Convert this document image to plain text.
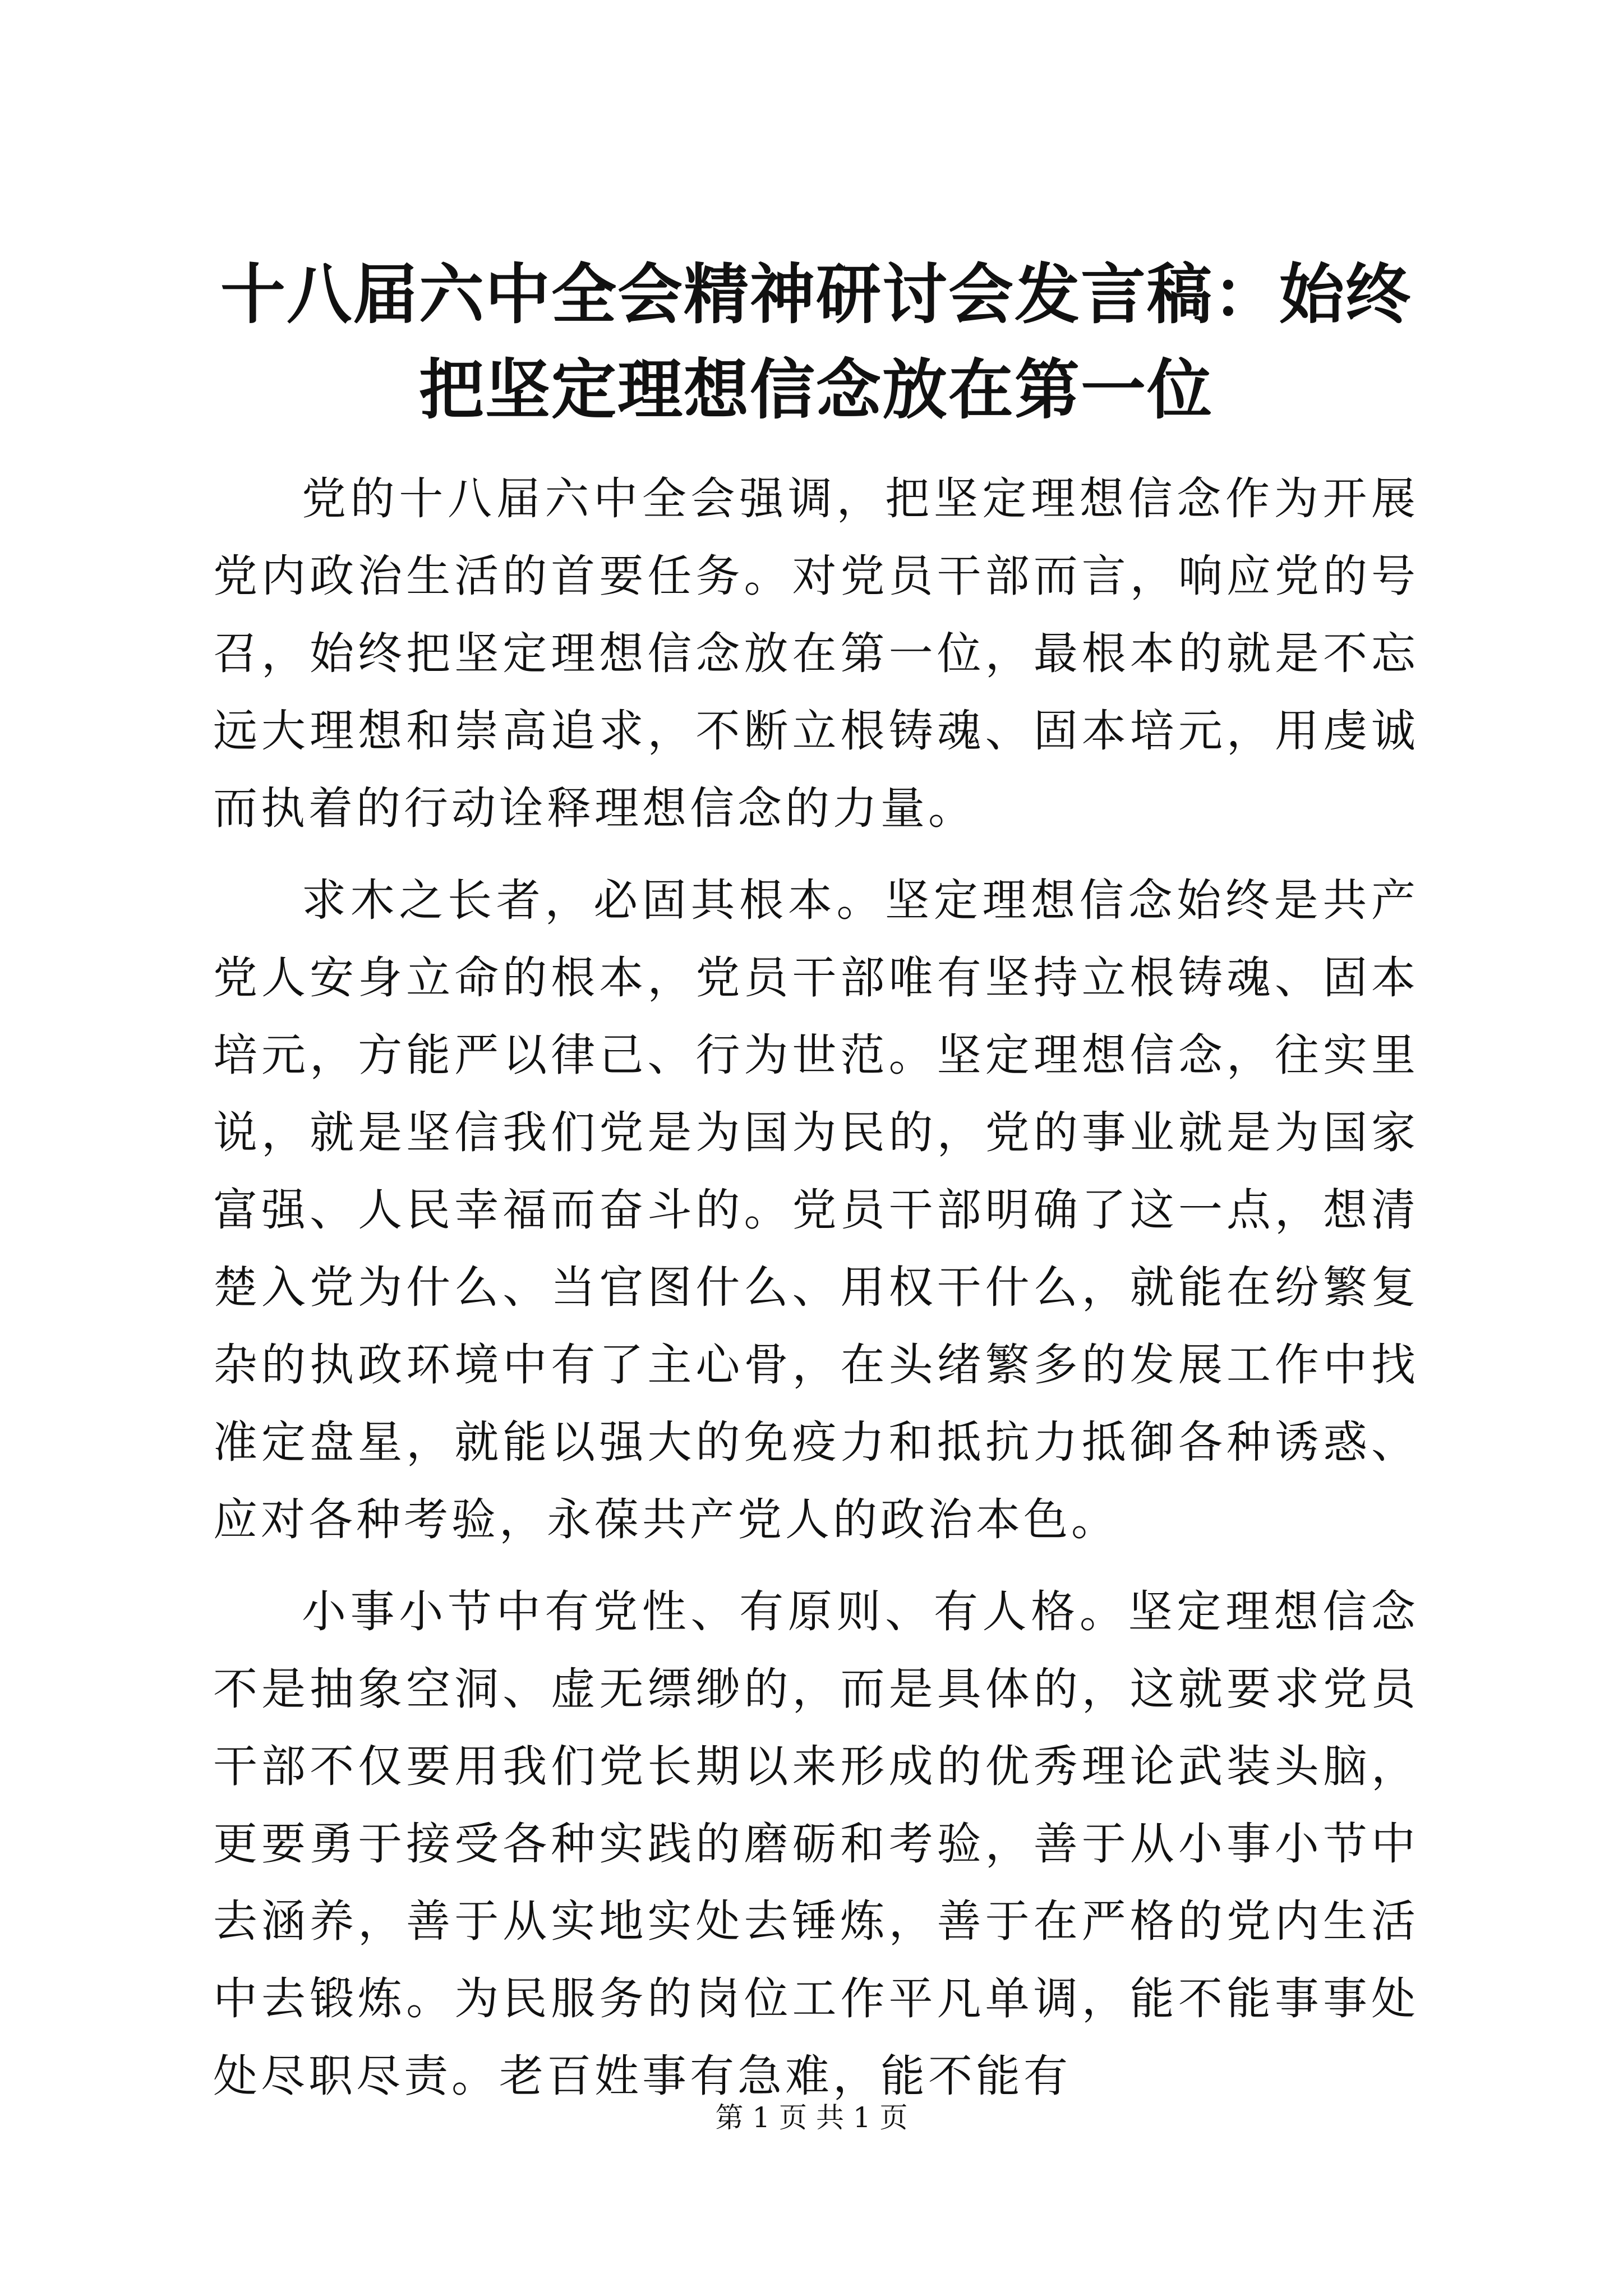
十八届六中全会精神研讨会发言稿：始终把坚定理想信念放在第一位

党的十八届六中全会强调，把坚定理想信念作为开展党内政治生活的首要任务。对党员干部而言，响应党的号召，始终把坚定理想信念放在第一位，最根本的就是不忘远大理想和崇高追求，不断立根铸魂、固本培元，用虔诚而执着的行动诠释理想信念的力量。

求木之长者，必固其根本。坚定理想信念始终是共产党人安身立命的根本，党员干部唯有坚持立根铸魂、固本培元，方能严以律己、行为世范。坚定理想信念，往实里说，就是坚信我们党是为国为民的，党的事业就是为国家富强、人民幸福而奋斗的。党员干部明确了这一点，想清楚入党为什么、当官图什么、用权干什么，就能在纷繁复杂的执政环境中有了主心骨，在头绪繁多的发展工作中找准定盘星，就能以强大的免疫力和抵抗力抵御各种诱惑、应对各种考验，永葆共产党人的政治本色。

小事小节中有党性、有原则、有人格。坚定理想信念不是抽象空洞、虚无缥缈的，而是具体的，这就要求党员干部不仅要用我们党长期以来形成的优秀理论武装头脑，更要勇于接受各种实践的磨砺和考验，善于从小事小节中去涵养，善于从实地实处去锤炼，善于在严格的党内生活中去锻炼。为民服务的岗位工作平凡单调，能不能事事处处尽职尽责。老百姓事有急难，能不能有

第 1 页 共 1 页
